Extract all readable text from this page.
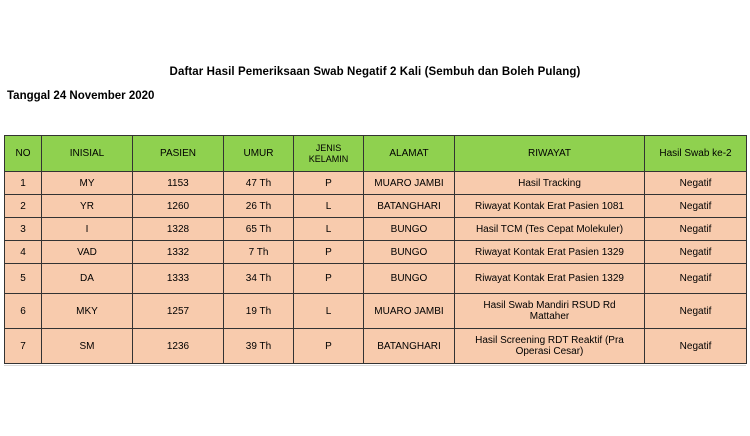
Daftar Hasil Pemeriksaan Swab Negatif 2 Kali (Sembuh dan Boleh Pulang)
Tanggal 24 November 2020
NO	INISIAL	PASIEN	UMUR	JENIS KELAMIN	ALAMAT	RIWAYAT	Hasil Swab ke-2
1	MY	1153	47 Th	P	MUARO JAMBI	Hasil Tracking	Negatif
2	YR	1260	26 Th	L	BATANGHARI	Riwayat Kontak Erat Pasien 1081	Negatif
3	I	1328	65 Th	L	BUNGO	Hasil TCM (Tes Cepat Molekuler)	Negatif
4	VAD	1332	7 Th	P	BUNGO	Riwayat Kontak Erat Pasien 1329	Negatif
5	DA	1333	34 Th	P	BUNGO	Riwayat Kontak Erat Pasien 1329	Negatif
6	MKY	1257	19 Th	L	MUARO JAMBI	Hasil Swab Mandiri RSUD Rd Mattaher	Negatif
7	SM	1236	39 Th	P	BATANGHARI	Hasil Screening RDT Reaktif (Pra Operasi Cesar)	Negatif
